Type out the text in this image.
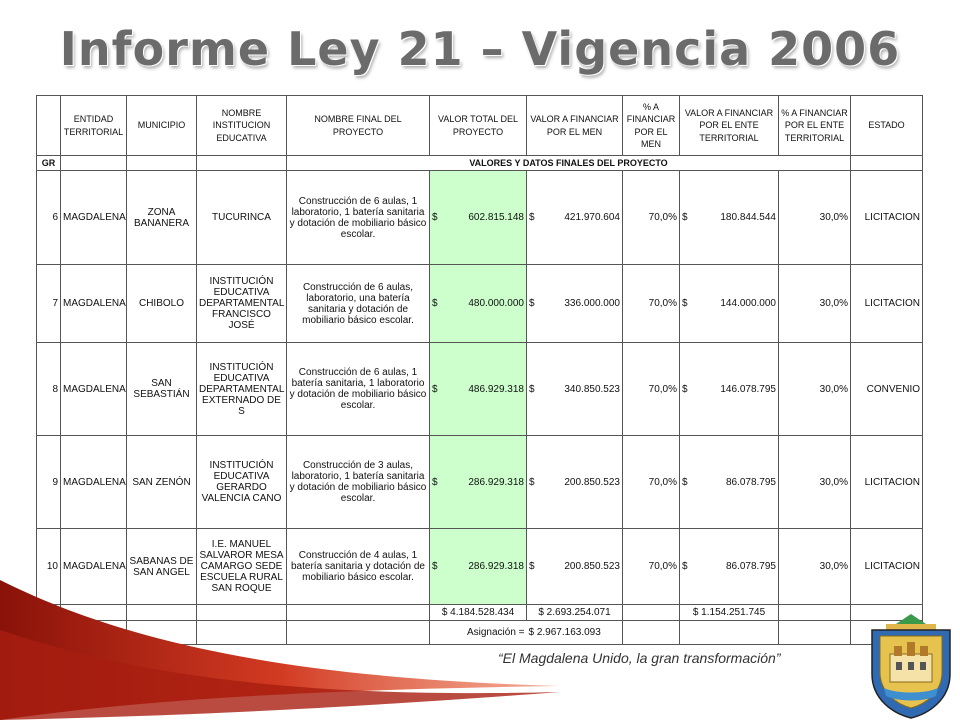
Informe Ley 21 – Vigencia 2006
	ENTIDAD TERRITORIAL	MUNICIPIO	NOMBRE INSTITUCION EDUCATIVA	NOMBRE FINAL DEL PROYECTO	VALOR TOTAL DEL PROYECTO	VALOR A FINANCIAR POR EL MEN	% A FINANCIAR POR EL MEN	VALOR A FINANCIAR POR EL ENTE TERRITORIAL	% A FINANCIAR POR EL ENTE TERRITORIAL	ESTADO
GR				VALORES Y DATOS FINALES DEL PROYECTO						
6	MAGDALENA	ZONA BANANERA	TUCURINCA	Construcción de 6 aulas, 1 laboratorio, 1 batería sanitaria y dotación de mobiliario básico escolar.	$ 602.815.148	$ 421.970.604	70,0%	$ 180.844.544	30,0%	LICITACION
7	MAGDALENA	CHIBOLO	INSTITUCIÓN EDUCATIVA DEPARTAMENTAL FRANCISCO JOSÉ	Construcción de 6 aulas, laboratorio, una batería sanitaria y dotación de mobiliario básico escolar.	$ 480.000.000	$ 336.000.000	70,0%	$ 144.000.000	30,0%	LICITACION
8	MAGDALENA	SAN SEBASTIÁN	INSTITUCIÓN EDUCATIVA DEPARTAMENTAL EXTERNADO DE S	Construcción de 6 aulas, 1 batería sanitaria, 1 laboratorio y dotación de mobiliario básico escolar.	$ 486.929.318	$ 340.850.523	70,0%	$ 146.078.795	30,0%	CONVENIO
9	MAGDALENA	SAN ZENÓN	INSTITUCIÓN EDUCATIVA GERARDO VALENCIA CANO	Construcción de 3 aulas, laboratorio, 1 batería sanitaria y dotación de mobiliario básico escolar.	$ 286.929.318	$ 200.850.523	70,0%	$ 86.078.795	30,0%	LICITACION
10	MAGDALENA	SABANAS DE SAN ANGEL	I.E. MANUEL SALVAROR MESA CAMARGO SEDE ESCUELA RURAL SAN ROQUE	Construcción de 4 aulas, 1 batería sanitaria y dotación de mobiliario básico escolar.	$ 286.929.318	$ 200.850.523	70,0%	$ 86.078.795	30,0%	LICITACION
					$ 4.184.528.434	$ 2.693.254.071		$ 1.154.251.745		
					Asignación =	$ 2.967.163.093				
“El Magdalena Unido, la gran transformación”
